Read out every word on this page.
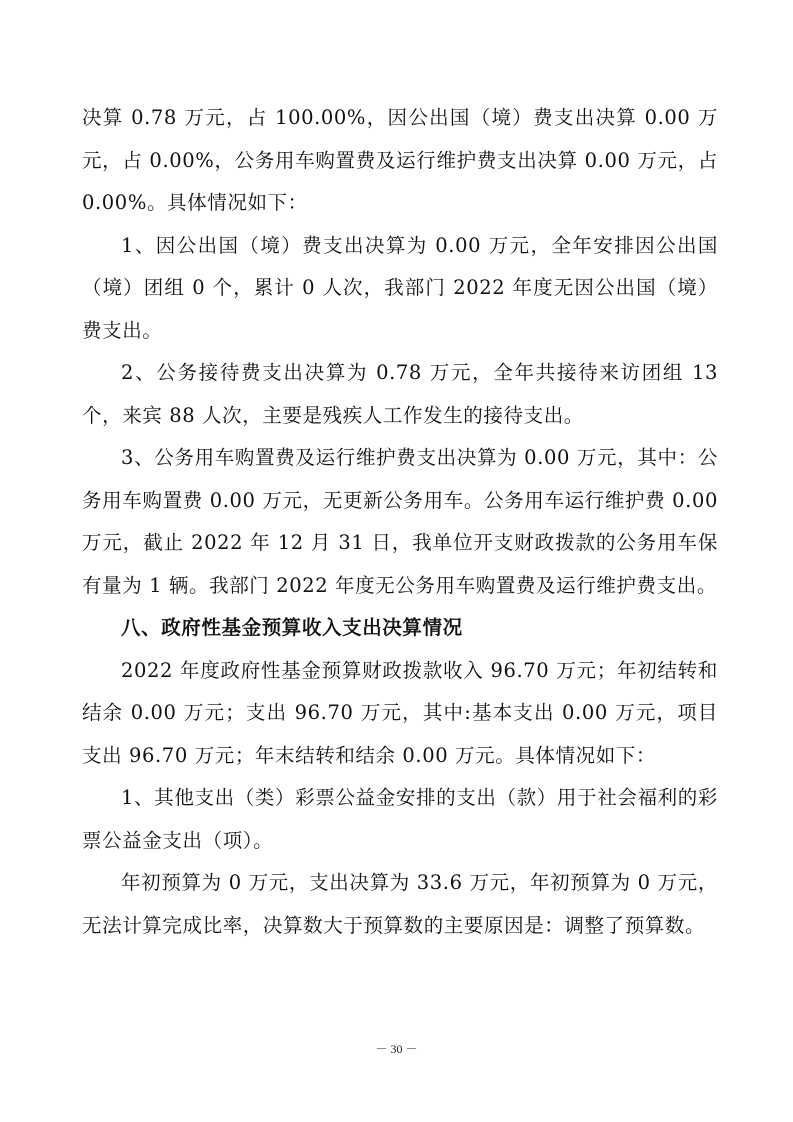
决算 0.78 万元，占 100.00%，因公出国（境）费支出决算 0.00 万元，占 0.00%，公务用车购置费及运行维护费支出决算 0.00 万元，占 0.00%。具体情况如下：

1、因公出国（境）费支出决算为 0.00 万元，全年安排因公出国（境）团组 0 个，累计 0 人次，我部门 2022 年度无因公出国（境）费支出。

2、公务接待费支出决算为 0.78 万元，全年共接待来访团组 13 个，来宾 88 人次，主要是残疾人工作发生的接待支出。

3、公务用车购置费及运行维护费支出决算为 0.00 万元，其中：公务用车购置费 0.00 万元，无更新公务用车。公务用车运行维护费 0.00 万元，截止 2022 年 12 月 31 日，我单位开支财政拨款的公务用车保有量为 1 辆。我部门 2022 年度无公务用车购置费及运行维护费支出。

八、政府性基金预算收入支出决算情况

2022 年度政府性基金预算财政拨款收入 96.70 万元；年初结转和结余 0.00 万元；支出 96.70 万元，其中:基本支出 0.00 万元，项目支出 96.70 万元；年末结转和结余 0.00 万元。具体情况如下：

1、其他支出（类）彩票公益金安排的支出（款）用于社会福利的彩票公益金支出（项）。

年初预算为 0 万元，支出决算为 33.6 万元，年初预算为 0 万元，无法计算完成比率，决算数大于预算数的主要原因是：调整了预算数。

－ 30 －
